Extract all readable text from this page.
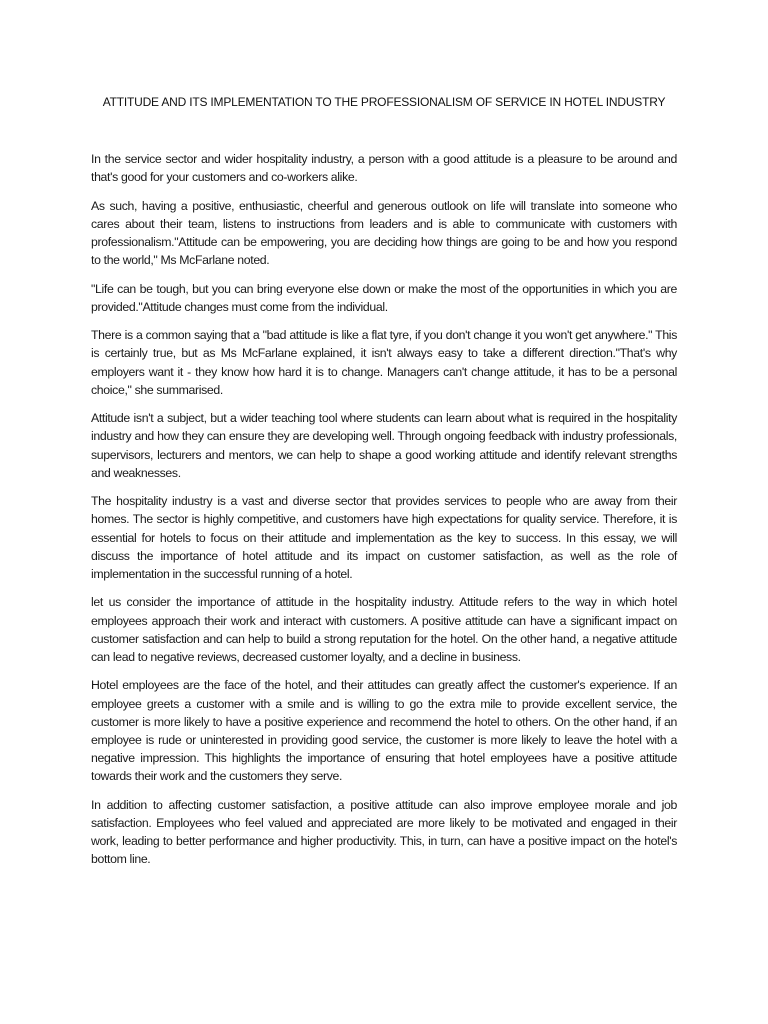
ATTITUDE AND ITS IMPLEMENTATION TO THE PROFESSIONALISM OF SERVICE IN HOTEL INDUSTRY

In the service sector and wider hospitality industry, a person with a good attitude is a pleasure to be around and that's good for your customers and co-workers alike.

As such, having a positive, enthusiastic, cheerful and generous outlook on life will translate into someone who cares about their team, listens to instructions from leaders and is able to communicate with customers with professionalism."Attitude can be empowering, you are deciding how things are going to be and how you respond to the world," Ms McFarlane noted.

"Life can be tough, but you can bring everyone else down or make the most of the opportunities in which you are provided."Attitude changes must come from the individual.

There is a common saying that a "bad attitude is like a flat tyre, if you don't change it you won't get anywhere." This is certainly true, but as Ms McFarlane explained, it isn't always easy to take a different direction."That's why employers want it - they know how hard it is to change. Managers can't change attitude, it has to be a personal choice," she summarised.

Attitude isn't a subject, but a wider teaching tool where students can learn about what is required in the hospitality industry and how they can ensure they are developing well. Through ongoing feedback with industry professionals, supervisors, lecturers and mentors, we can help to shape a good working attitude and identify relevant strengths and weaknesses.

The hospitality industry is a vast and diverse sector that provides services to people who are away from their homes. The sector is highly competitive, and customers have high expectations for quality service. Therefore, it is essential for hotels to focus on their attitude and implementation as the key to success. In this essay, we will discuss the importance of hotel attitude and its impact on customer satisfaction, as well as the role of implementation in the successful running of a hotel.

let us consider the importance of attitude in the hospitality industry. Attitude refers to the way in which hotel employees approach their work and interact with customers. A positive attitude can have a significant impact on customer satisfaction and can help to build a strong reputation for the hotel. On the other hand, a negative attitude can lead to negative reviews, decreased customer loyalty, and a decline in business.

Hotel employees are the face of the hotel, and their attitudes can greatly affect the customer's experience. If an employee greets a customer with a smile and is willing to go the extra mile to provide excellent service, the customer is more likely to have a positive experience and recommend the hotel to others. On the other hand, if an employee is rude or uninterested in providing good service, the customer is more likely to leave the hotel with a negative impression. This highlights the importance of ensuring that hotel employees have a positive attitude towards their work and the customers they serve.

In addition to affecting customer satisfaction, a positive attitude can also improve employee morale and job satisfaction. Employees who feel valued and appreciated are more likely to be motivated and engaged in their work, leading to better performance and higher productivity. This, in turn, can have a positive impact on the hotel's bottom line.
